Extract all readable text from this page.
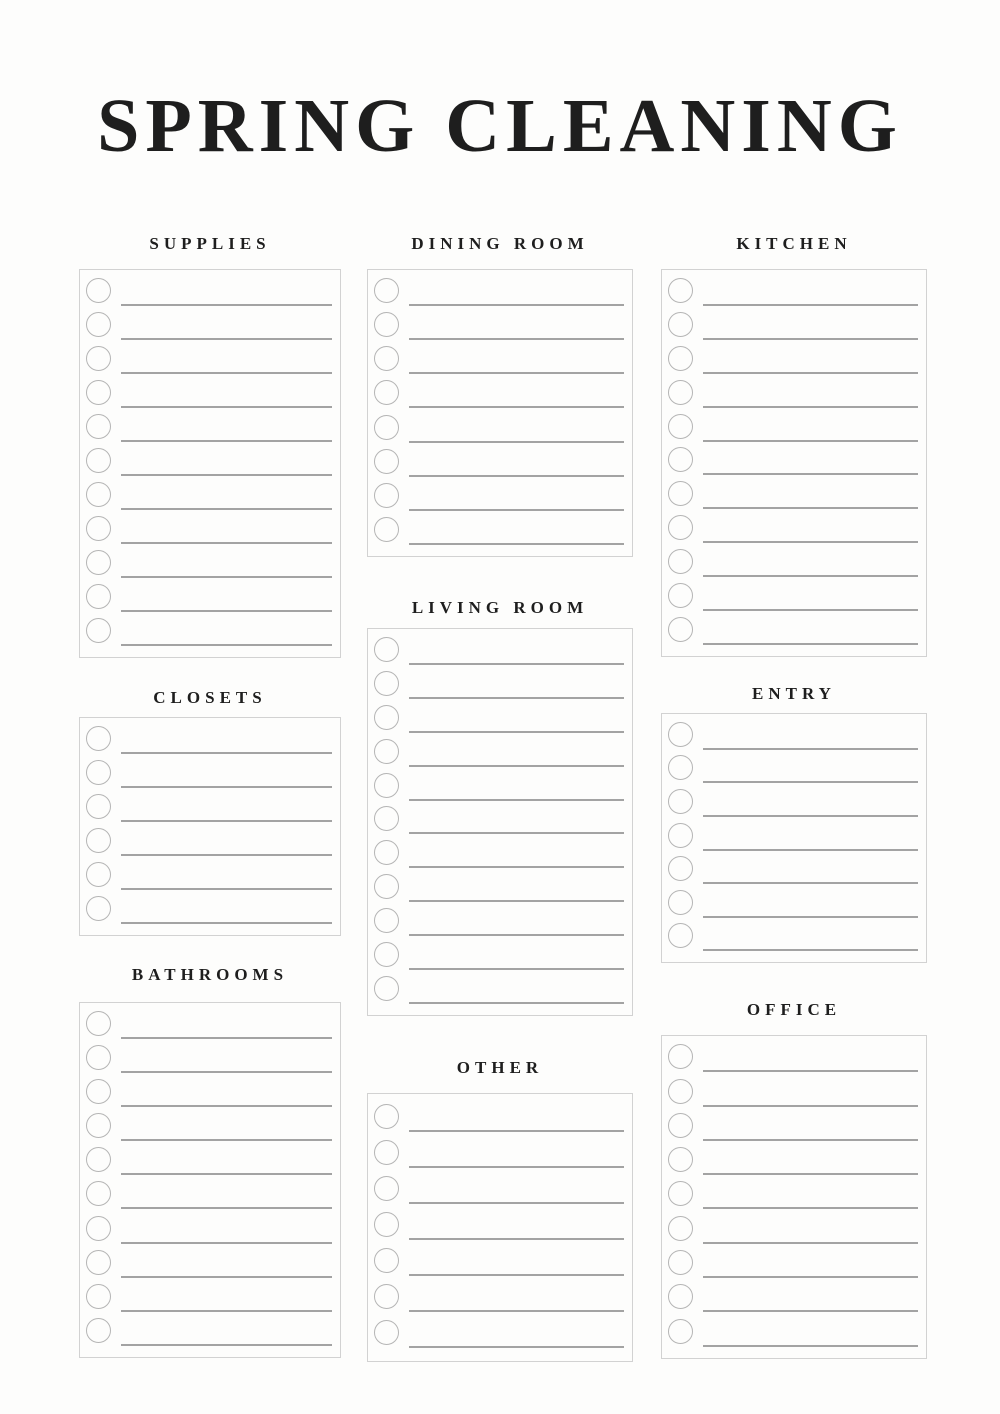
SPRING CLEANING
SUPPLIES
CLOSETS
BATHROOMS
DINING ROOM
LIVING ROOM
OTHER
KITCHEN
ENTRY
OFFICE
